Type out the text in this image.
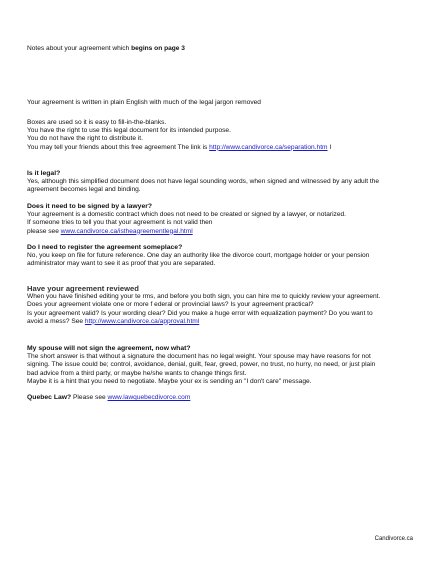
Notes about your agreement which begins on page 3

Your agreement is written in plain English with much of the legal jargon removed

Boxes are used so it is easy to fill-in-the-blanks.

You have the right to use this legal document for its intended purpose.

You do not have the right to distribute it.

You may tell your friends about this free agreement The link is http://www.candivorce.ca/separation.htm I

Is it legal?

Yes, although this simplified document does not have legal sounding words, when signed and witnessed by any adult the

agreement becomes legal and binding.

Does it need to be signed by a lawyer?

Your agreement is a domestic contract which does not need to be created or signed by a lawyer, or notarized.

If someone tries to tell you that your agreement is not valid then

please see www.candivorce.ca/istheagreementlegal.html

Do I need to register the agreement someplace?

No, you keep on file for future reference. One day an authority like the divorce court, mortgage holder or your pension

administrator may want to see it as proof that you are separated.

Have your agreement reviewed

When you have finished editing your te rms, and before you both sign, you can hire me to quickly review your agreement.

Does your agreement violate one or more f ederal or provincial laws? Is your agreement practical?

Is your agreement valid? Is your wording clear? Did you make a huge error with equalization payment? Do you want to

avoid a mess? See http://www.candivorce.ca/approval.html

My spouse will not sign the agreement, now what?

The short answer is that without a signature the document has no legal weight. Your spouse may have reasons for not

signing. The issue could be; control, avoidance, denial, guilt, fear, greed, power, no trust, no hurry, no need, or just plain

bad advice from a third party, or maybe he/she wants to change things first.

Maybe it is a hint that you need to negotiate. Maybe your ex is sending an "I don't care" message.

Quebec Law? Please see www.lawquebecdivorce.com

Candivorce.ca
